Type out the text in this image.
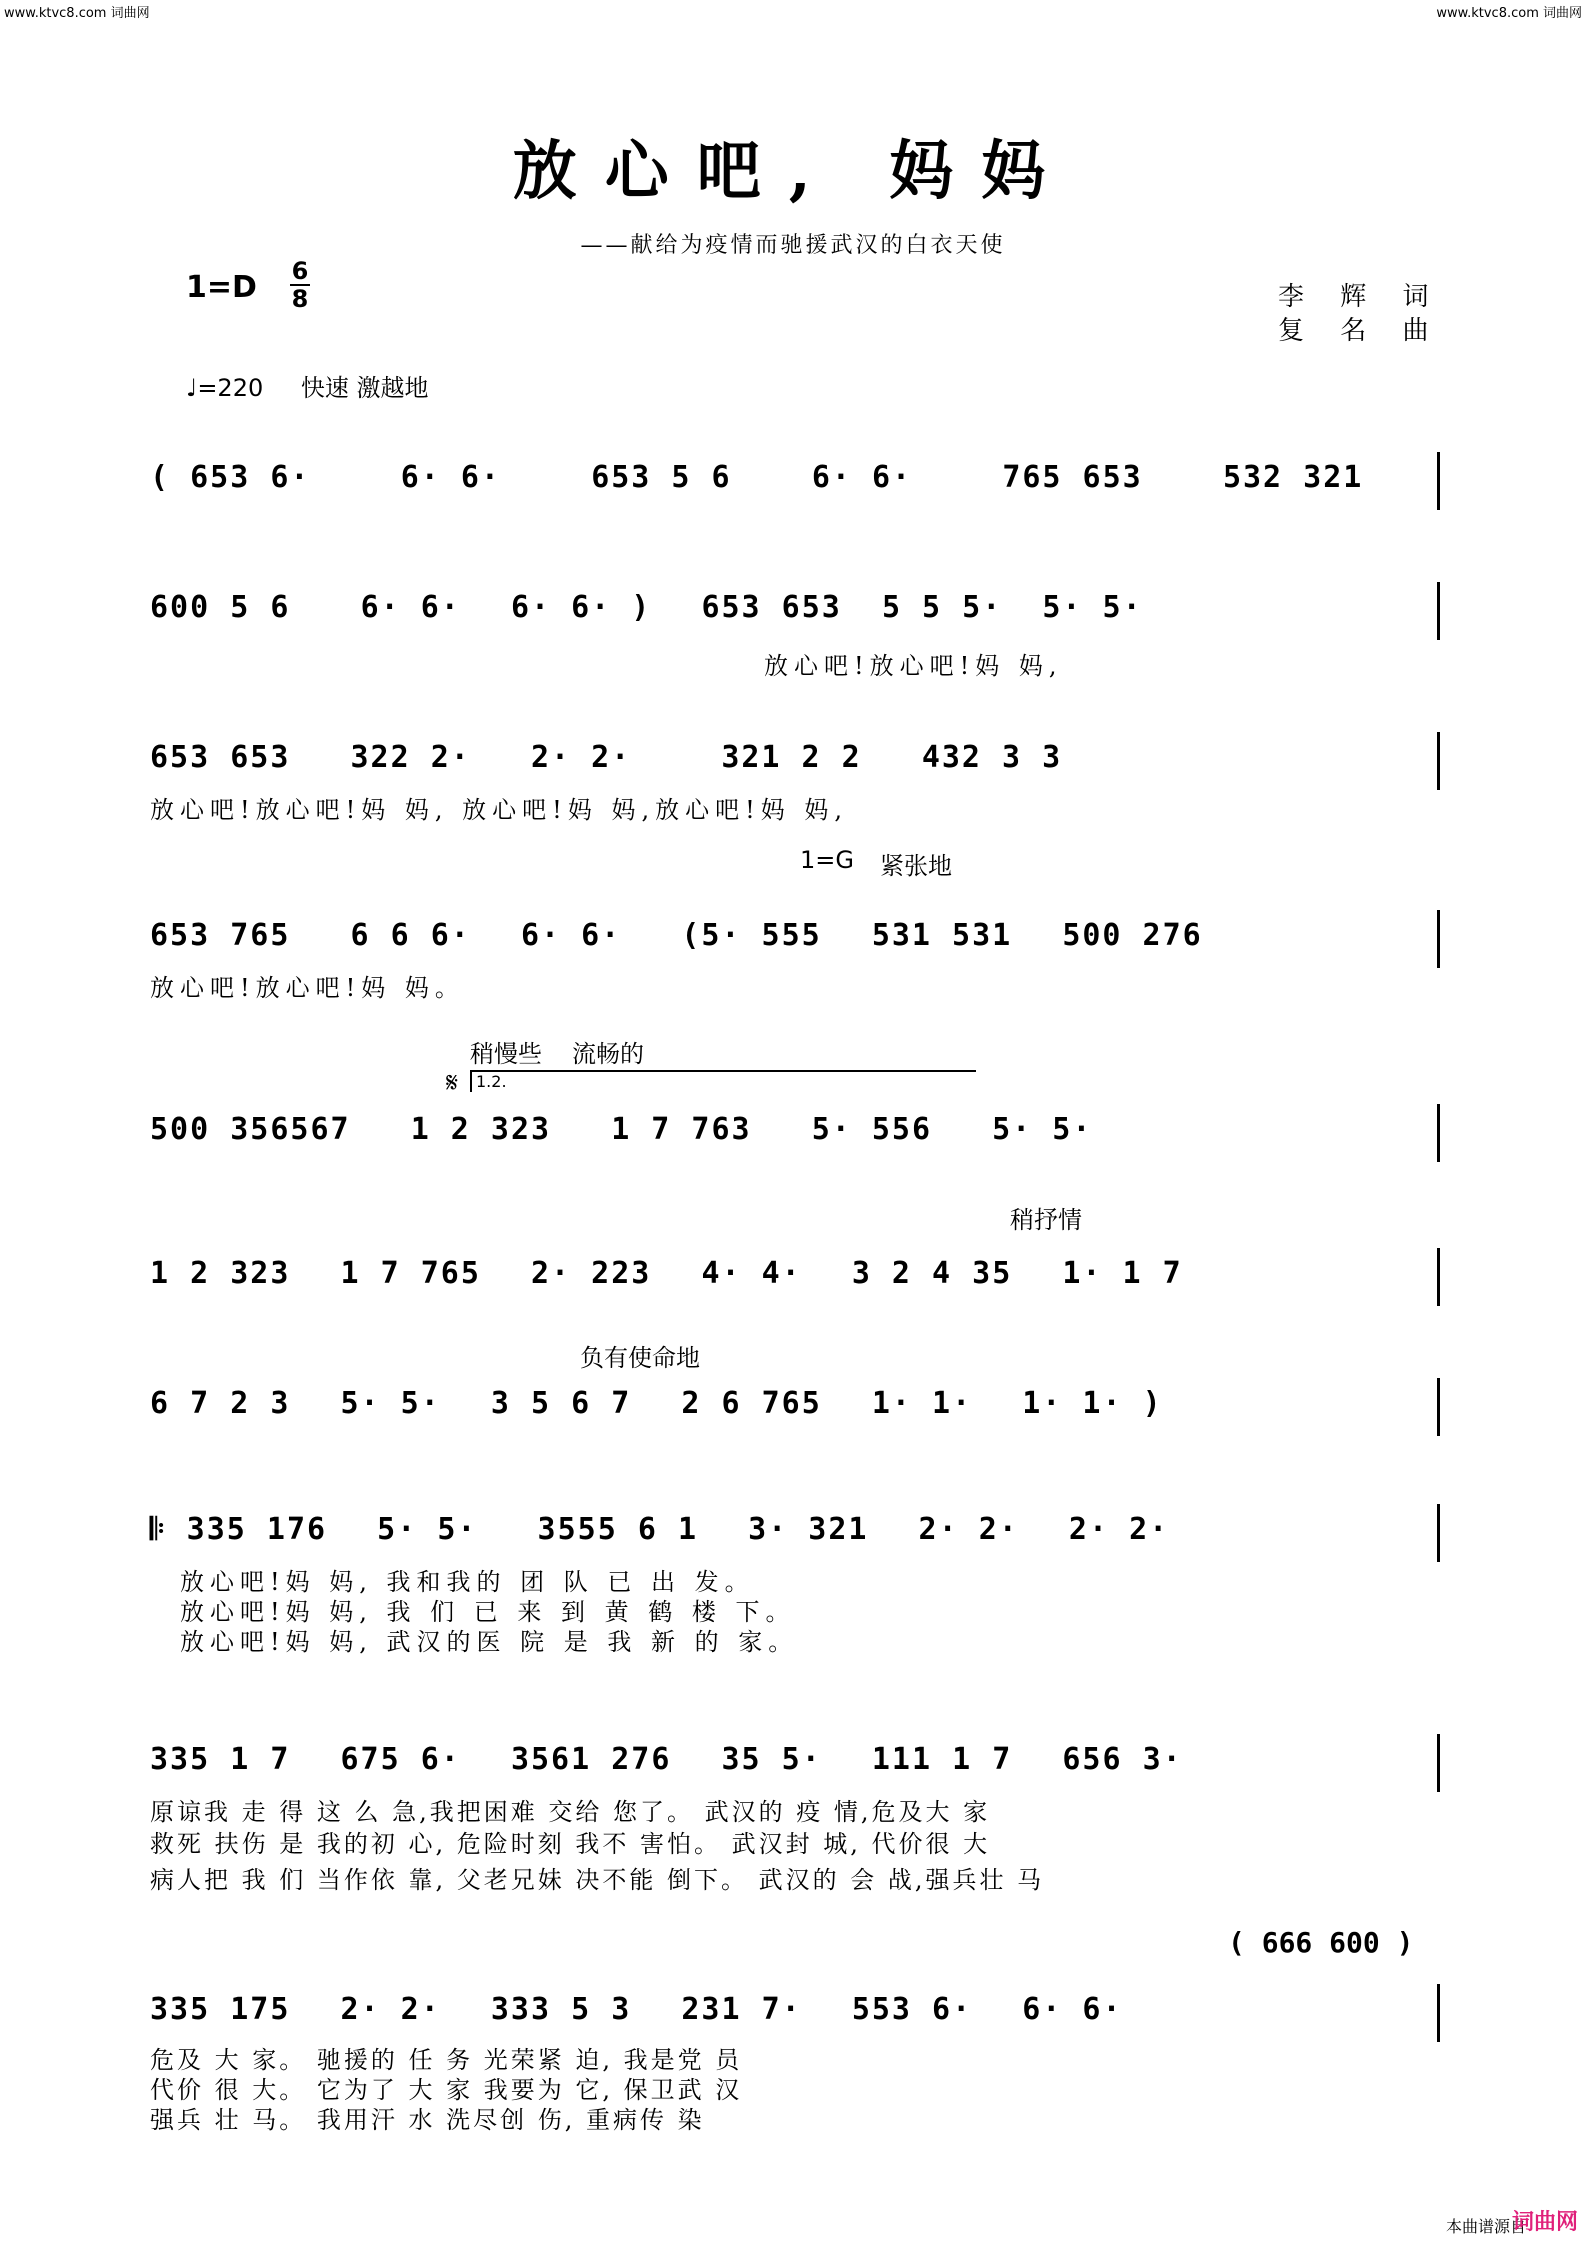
www.ktvc8.com 词曲网	www.ktvc8.com 词曲网
放心吧, 妈妈
——献给为疫情而驰援武汉的白衣天使
1=D 6
8	李 辉 词
复 名 曲
♩=220 快速 激越地
1=G 紧张地
稍慢些 流畅的
𝄋	1.2.
稍抒情
负有使命地
( 653 6·	6· 6·	653 5 6	6· 6·	765 653	532 321
600 5 6 6· 6· 6· 6· ) 653 653 5 5 5· 5· 5·
放心吧!放心吧!妈 妈,
653 653 322 2· 2· 2·	321 2 2 432 3 3
放心吧!放心吧!妈 妈, 放心吧!妈 妈,放心吧!妈 妈,
653 765 6 6 6· 6· 6· (5· 555 531 531 500 276
放心吧!放心吧!妈 妈。
500 356567 1 2 323 1 7 763 5· 556 5· 5·
1 2 323 1 7 765 2· 223 4· 4· 3 2 4 35 1· 1 7
6 7 2 3 5· 5· 3 5 6 7 2 6 765 1· 1· 1· 1· )
𝄆 335 176 5· 5· 3555 6 1 3· 321 2· 2· 2· 2·
放心吧!妈 妈, 我和我的 团 队 已 出 发。
放心吧!妈 妈, 我 们 已 来 到 黄 鹤 楼 下。
放心吧!妈 妈, 武汉的医 院 是 我 新 的 家。
335 1 7 675 6· 3561 276 35 5· 111 1 7 656 3·
原谅我 走 得 这 么 急,我把困难 交给 您了。 武汉的 疫 情,危及大 家
救死 扶伤 是 我的初 心, 危险时刻 我不 害怕。 武汉封 城, 代价很 大
病人把 我 们 当作依 靠, 父老兄妹 决不能 倒下。 武汉的 会 战,强兵壮 马
( 666 600 )
335 175 2· 2· 333 5 3 231 7· 553 6· 6· 6·
危及 大 家。 驰援的 任 务 光荣紧 迫, 我是党 员
代价 很 大。 它为了 大 家 我要为 它, 保卫武 汉
强兵 壮 马。 我用汗 水 洗尽创 伤, 重病传 染
本曲谱源自
词曲网
